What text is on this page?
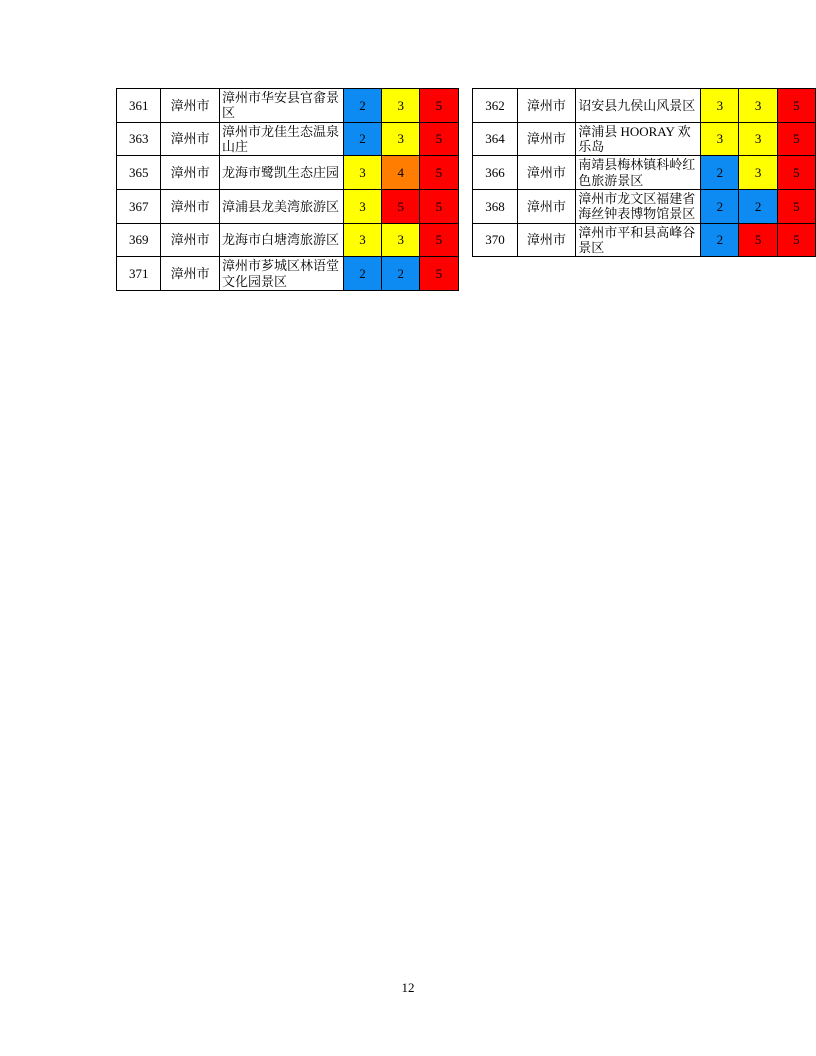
361	漳州市	漳州市华安县官畲景区	2	3	5		362	漳州市	诏安县九侯山风景区	3	3	5
363	漳州市	漳州市龙佳生态温泉山庄	2	3	5		364	漳州市	漳浦县 HOORAY 欢乐岛	3	3	5
365	漳州市	龙海市鹭凯生态庄园	3	4	5		366	漳州市	南靖县梅林镇科岭红色旅游景区	2	3	5
367	漳州市	漳浦县龙美湾旅游区	3	5	5		368	漳州市	漳州市龙文区福建省海丝钟表博物馆景区	2	2	5
369	漳州市	龙海市白塘湾旅游区	3	3	5		370	漳州市	漳州市平和县高峰谷景区	2	5	5
371	漳州市	漳州市芗城区林语堂文化园景区	2	2	5							
12
